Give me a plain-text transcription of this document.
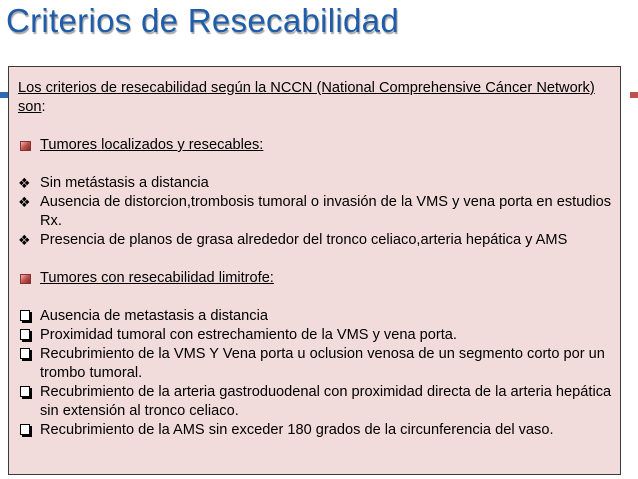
Criterios de Resecabilidad
Los criterios de resecabilidad según la NCCN (National Comprehensive Cáncer Network) son:
Tumores localizados y resecables:
❖ Sin metástasis a distancia
❖ Ausencia de distorcion,trombosis tumoral o invasión de la VMS y vena porta en estudios Rx.
❖ Presencia de planos de grasa alrededor del tronco celiaco,arteria hepática y AMS
Tumores con resecabilidad limitrofe:
Ausencia de metastasis a distancia
Proximidad tumoral con estrechamiento de la VMS y vena porta.
Recubrimiento de la VMS Y Vena porta u oclusion venosa de un segmento corto por un trombo tumoral.
Recubrimiento de la arteria gastroduodenal con proximidad directa de la arteria hepática sin extensión al tronco celiaco.
Recubrimiento de la AMS sin exceder 180 grados de la circunferencia del vaso.
